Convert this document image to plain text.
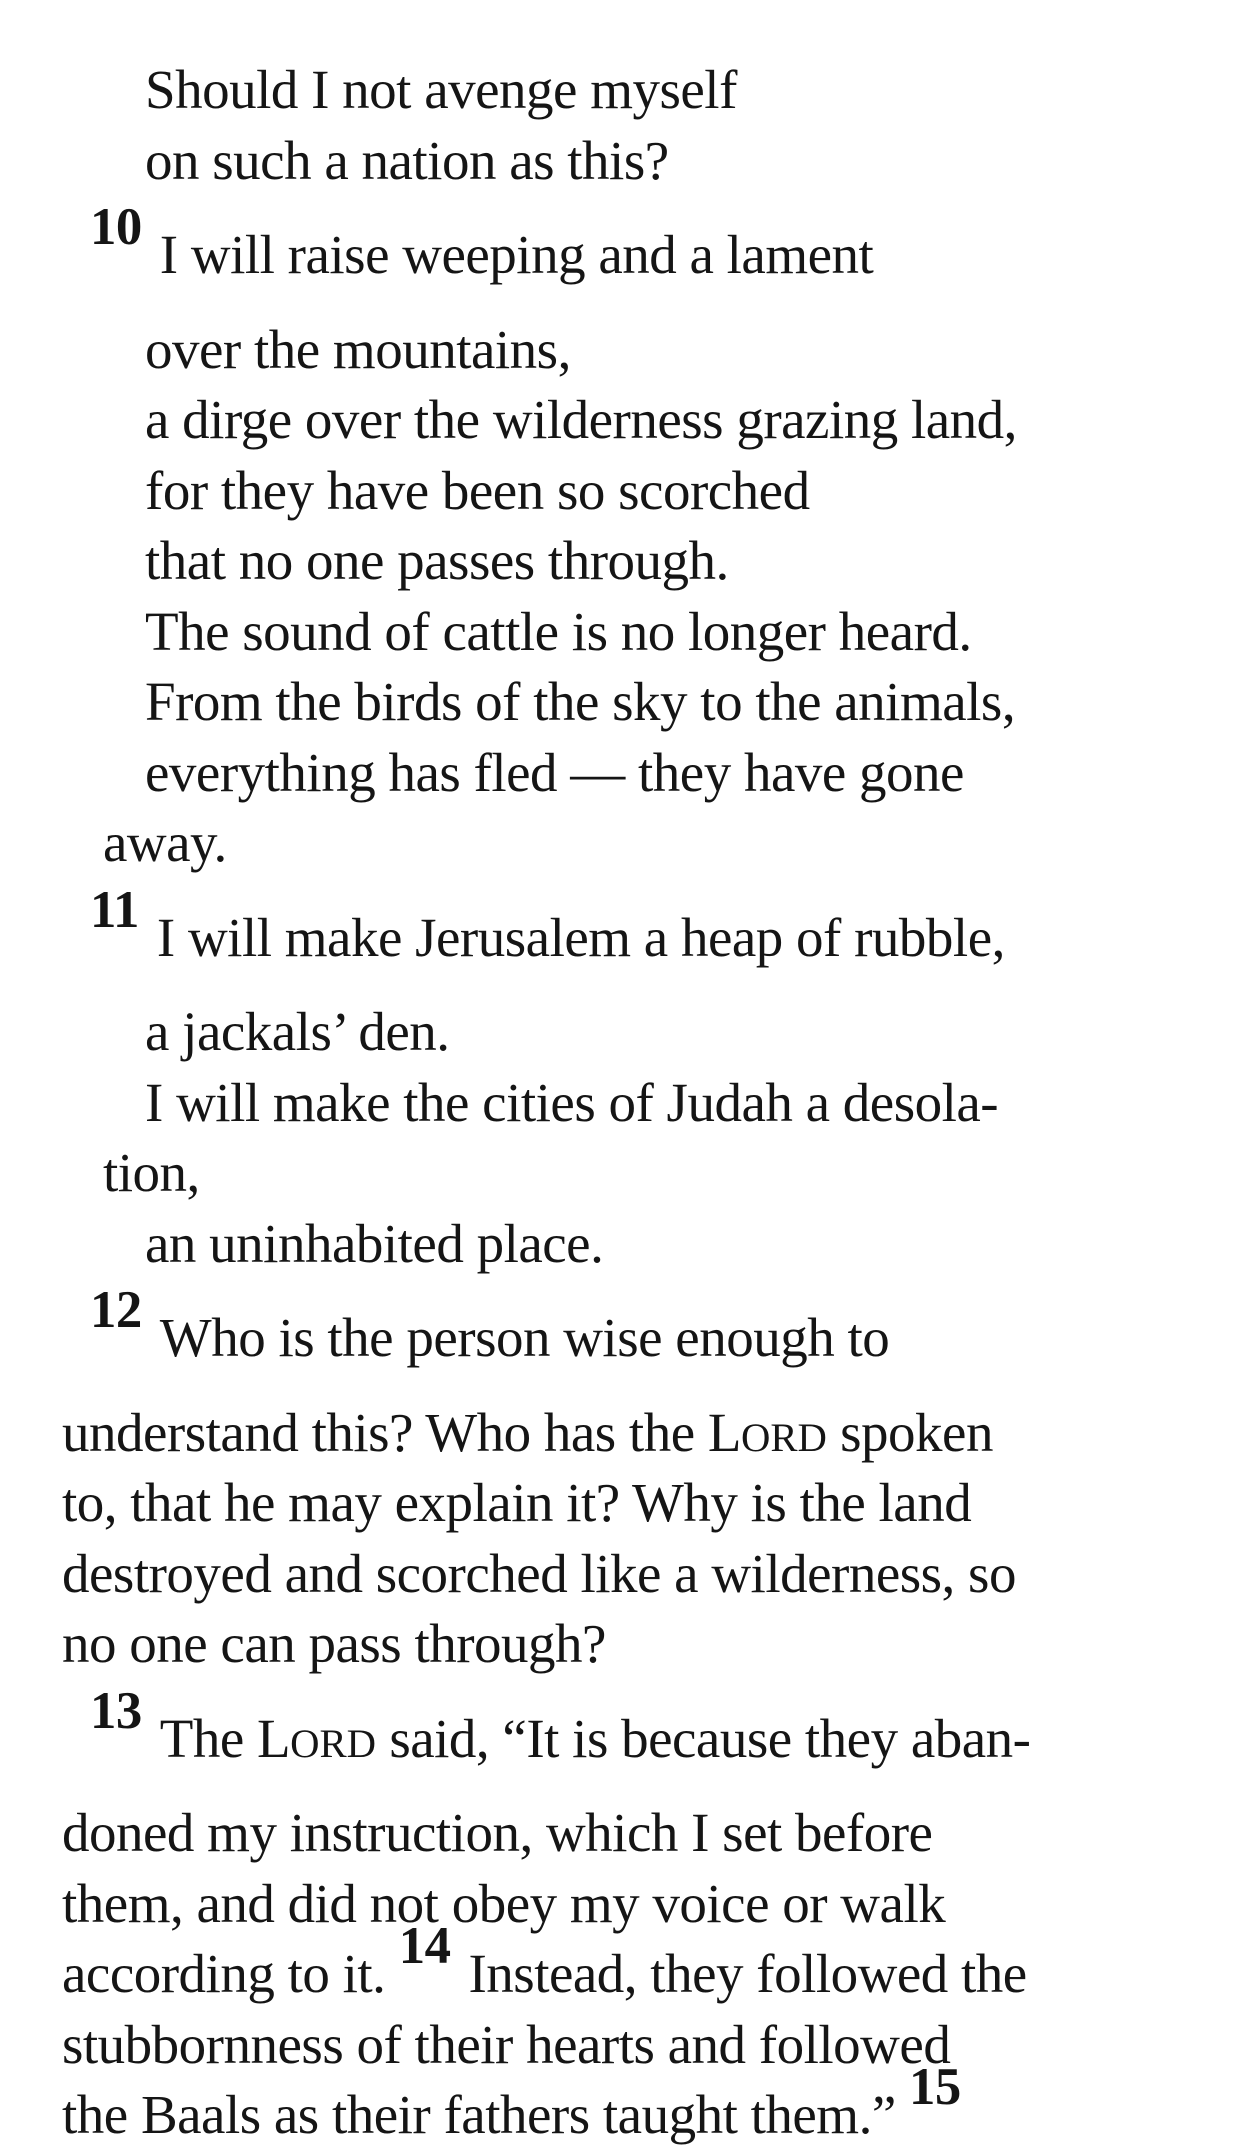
Should I not avenge myself
on such a nation as this?
10 I will raise weeping and a lament
over the mountains,
a dirge over the wilderness grazing land,
for they have been so scorched
that no one passes through.
The sound of cattle is no longer heard.
From the birds of the sky to the animals,
everything has fled — they have gone
away.
11 I will make Jerusalem a heap of rubble,
a jackals’ den.
I will make the cities of Judah a desola-
tion,
an uninhabited place.
12 Who is the person wise enough to
understand this? Who has the LORD spoken
to, that he may explain it? Why is the land
destroyed and scorched like a wilderness, so
no one can pass through?
13 The LORD said, “It is because they aban-
doned my instruction, which I set before
them, and did not obey my voice or walk
according to it. 14 Instead, they followed the
stubbornness of their hearts and followed
the Baals as their fathers taught them.” 15
